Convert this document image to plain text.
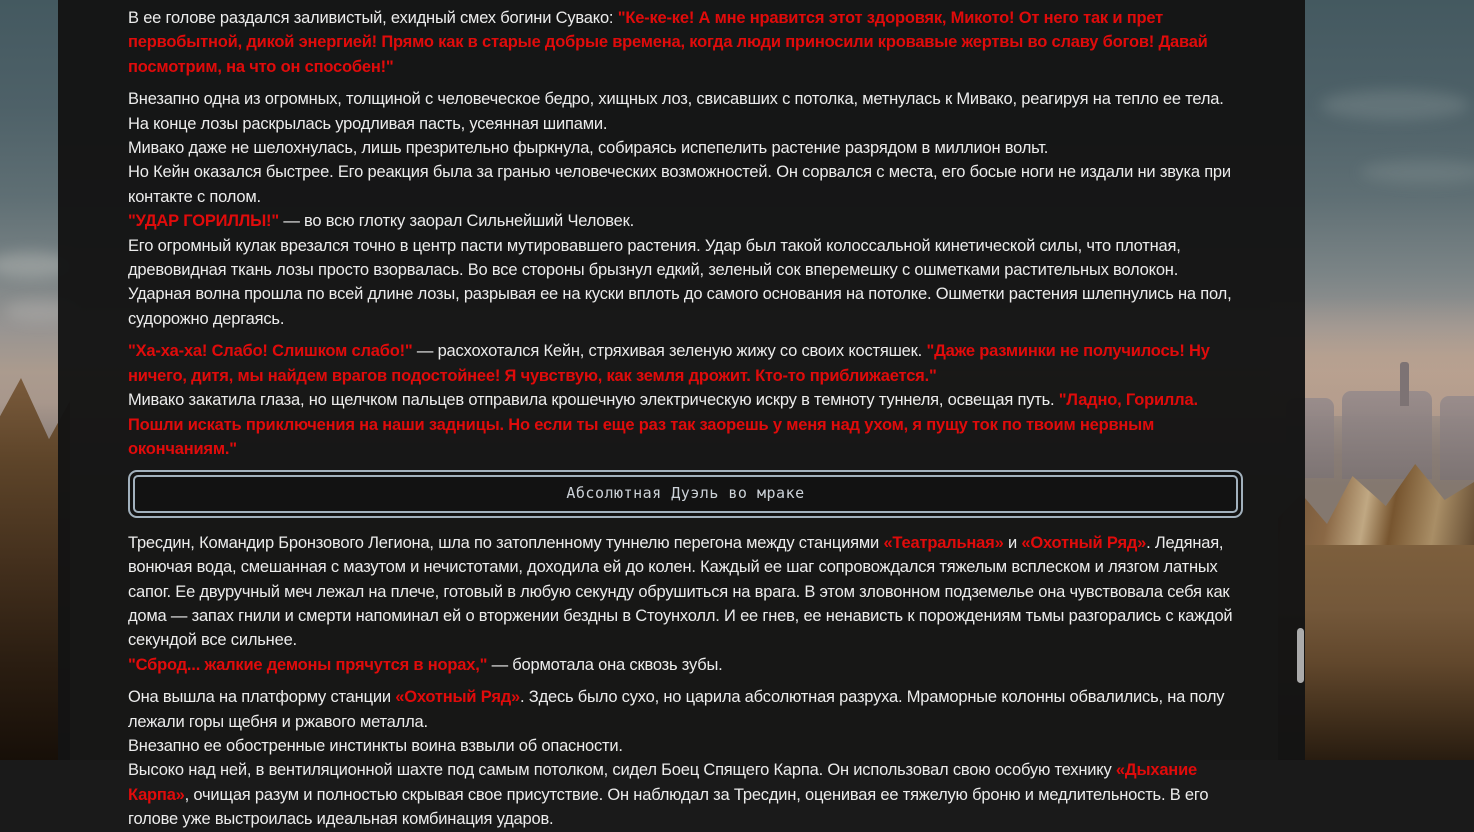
В ее голове раздался заливистый, ехидный смех богини Сувако: "Ке-ке-ке! А мне нравится этот здоровяк, Микото! От него так и прет первобытной, дикой энергией! Прямо как в старые добрые времена, когда люди приносили кровавые жертвы во славу богов! Давай посмотрим, на что он способен!"

Внезапно одна из огромных, толщиной с человеческое бедро, хищных лоз, свисавших с потолка, метнулась к Мивако, реагируя на тепло ее тела.
На конце лозы раскрылась уродливая пасть, усеянная шипами.
Мивако даже не шелохнулась, лишь презрительно фыркнула, собираясь испепелить растение разрядом в миллион вольт.
Но Кейн оказался быстрее. Его реакция была за гранью человеческих возможностей. Он сорвался с места, его босые ноги не издали ни звука при контакте с полом.
"УДАР ГОРИЛЛЫ!" — во всю глотку заорал Сильнейший Человек.
Его огромный кулак врезался точно в центр пасти мутировавшего растения. Удар был такой колоссальной кинетической силы, что плотная, древовидная ткань лозы просто взорвалась. Во все стороны брызнул едкий, зеленый сок вперемешку с ошметками растительных волокон.
Ударная волна прошла по всей длине лозы, разрывая ее на куски вплоть до самого основания на потолке. Ошметки растения шлепнулись на пол, судорожно дергаясь.

"Ха-ха-ха! Слабо! Слишком слабо!" — расхохотался Кейн, стряхивая зеленую жижу со своих костяшек. "Даже разминки не получилось! Ну ничего, дитя, мы найдем врагов подостойнее! Я чувствую, как земля дрожит. Кто-то приближается."
Мивако закатила глаза, но щелчком пальцев отправила крошечную электрическую искру в темноту туннеля, освещая путь. "Ладно, Горилла. Пошли искать приключения на наши задницы. Но если ты еще раз так заорешь у меня над ухом, я пущу ток по твоим нервным окончаниям."

Абсолютная Дуэль во мраке

Тресдин, Командир Бронзового Легиона, шла по затопленному туннелю перегона между станциями «Театральная» и «Охотный Ряд». Ледяная, вонючая вода, смешанная с мазутом и нечистотами, доходила ей до колен. Каждый ее шаг сопровождался тяжелым всплеском и лязгом латных сапог. Ее двуручный меч лежал на плече, готовый в любую секунду обрушиться на врага. В этом зловонном подземелье она чувствовала себя как дома — запах гнили и смерти напоминал ей о вторжении бездны в Стоунхолл. И ее гнев, ее ненависть к порождениям тьмы разгорались с каждой секундой все сильнее.
"Сброд... жалкие демоны прячутся в норах," — бормотала она сквозь зубы.

Она вышла на платформу станции «Охотный Ряд». Здесь было сухо, но царила абсолютная разруха. Мраморные колонны обвалились, на полу лежали горы щебня и ржавого металла.
Внезапно ее обостренные инстинкты воина взвыли об опасности.
Высоко над ней, в вентиляционной шахте под самым потолком, сидел Боец Спящего Карпа. Он использовал свою особую технику «Дыхание Карпа», очищая разум и полностью скрывая свое присутствие. Он наблюдал за Тресдин, оценивая ее тяжелую броню и медлительность. В его голове уже выстроилась идеальная комбинация ударов.
